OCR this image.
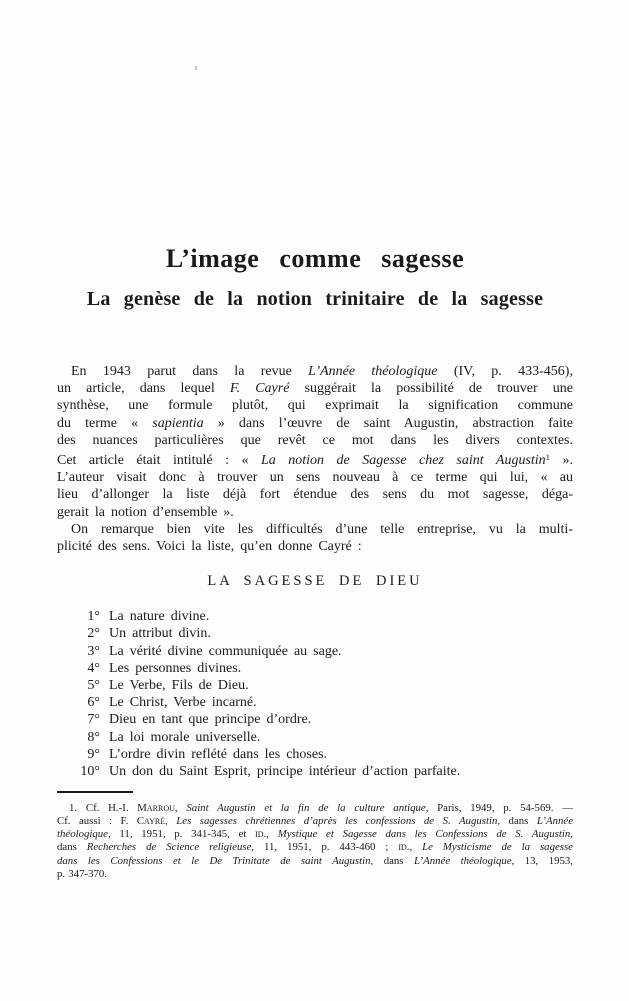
L’image comme sagesse
La genèse de la notion trinitaire de la sagesse
En 1943 parut dans la revue L’Année théologique (IV, p. 433-456),
un article, dans lequel F. Cayré suggérait la possibilité de trouver une
synthèse, une formule plutôt, qui exprimait la signification commune
du terme « sapientia » dans l’œuvre de saint Augustin, abstraction faite
des nuances particulières que revêt ce mot dans les divers contextes.
Cet article était intitulé : « La notion de Sagesse chez saint Augustin$^1$ ».
L’auteur visait donc à trouver un sens nouveau à ce terme qui lui, « au
lieu d’allonger la liste déjà fort étendue des sens du mot sagesse, déga-
gerait la notion d’ensemble ».
On remarque bien vite les difficultés d’une telle entreprise, vu la multi-
plicité des sens. Voici la liste, qu’en donne Cayré :
LA SAGESSE DE DIEU
1° La nature divine.
2° Un attribut divin.
3° La vérité divine communiquée au sage.
4° Les personnes divines.
5° Le Verbe, Fils de Dieu.
6° Le Christ, Verbe incarné.
7° Dieu en tant que principe d’ordre.
8° La loi morale universelle.
9° L’ordre divin reflété dans les choses.
10° Un don du Saint Esprit, principe intérieur d’action parfaite.
1. Cf. H.-I. Marrou, Saint Augustin et la fin de la culture antique, Paris, 1949, p. 54-569. —
Cf. aussi : F. Cayré, Les sagesses chrétiennes d’après les confessions de S. Augustin, dans L’Année
théologique, 11, 1951, p. 341-345, et id., Mystique et Sagesse dans les Confessions de S. Augustin,
dans Recherches de Science religieuse, 11, 1951, p. 443-460 ; id., Le Mysticisme de la sagesse
dans les Confessions et le De Trinitate de saint Augustin, dans L’Année théologique, 13, 1953,
p. 347-370.
